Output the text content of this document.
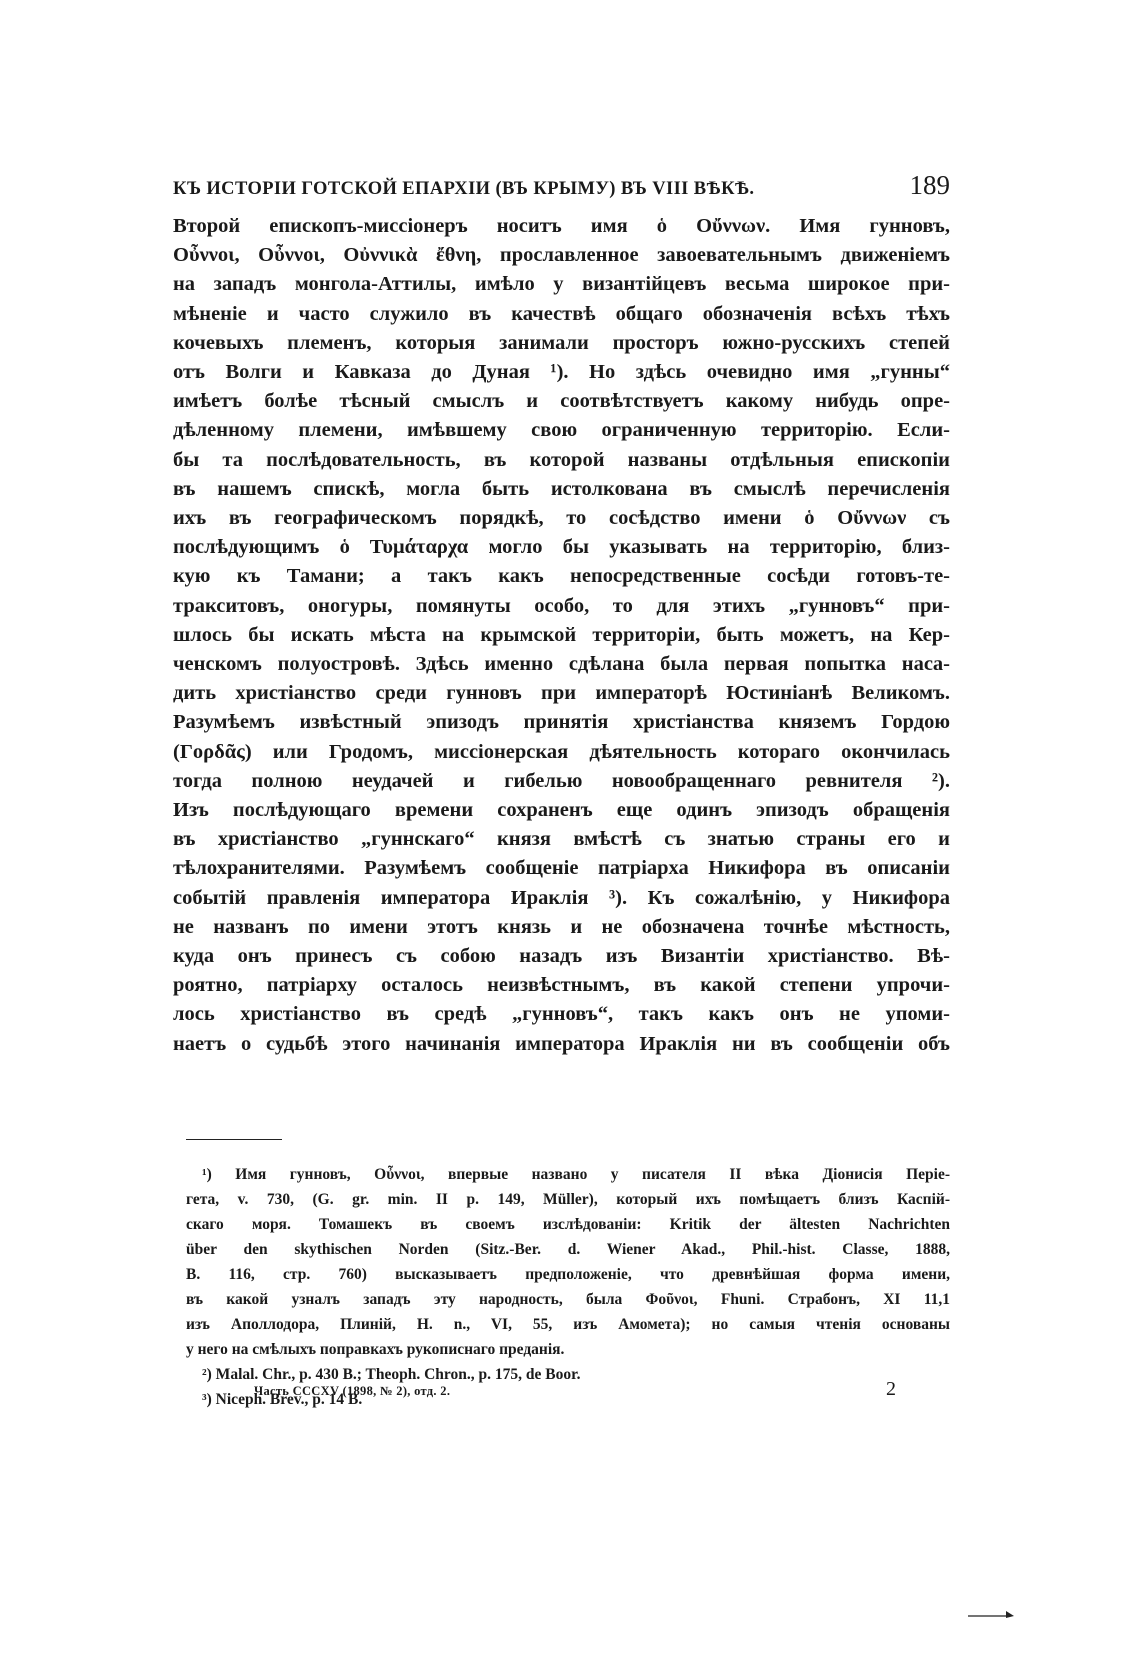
КЪ ИСТОРIИ ГОТСКОЙ ЕПАРХIИ (ВЪ КРЫМУ) ВЪ VIII ВѢКѢ.	189
Второй епископъ-миссiонеръ носитъ имя ὁ Οὔννων. Имя гунновъ,
Οὖννοι, Οὖννοι, Οὐννικὰ ἔθνη, прославленное завоевательнымъ движенiемъ
на западъ монгола-Аттилы, имѣло у византiйцевъ весьма широкое при-
мѣненiе и часто служило въ качествѣ общаго обозначенiя всѣхъ тѣхъ
кочевыхъ племенъ, которыя занимали просторъ южно-русскихъ степей
отъ Волги и Кавказа до Дуная ¹). Но здѣсь очевидно имя „гунны“
имѣетъ болѣе тѣсный смыслъ и соотвѣтствуетъ какому нибудь опре-
дѣленному племени, имѣвшему свою ограниченную территорiю. Если-
бы та послѣдовательность, въ которой названы отдѣльныя епископiи
въ нашемъ спискѣ, могла быть истолкована въ смыслѣ перечисленiя
ихъ въ географическомъ порядкѣ, то сосѣдство имени ὁ Οὔννων съ
послѣдующимъ ὁ Τυμάταρχα могло бы указывать на территорiю, близ-
кую къ Тамани; а такъ какъ непосредственные сосѣди готовъ-те-
тракситовъ, оногуры, помянуты особо, то для этихъ „гунновъ“ при-
шлось бы искать мѣста на крымской территорiи, быть можетъ, на Кер-
ченскомъ полуостровѣ. Здѣсь именно сдѣлана была первая попытка насa-
дить христiанство среди гунновъ при императорѣ Юстинiанѣ Великомъ.
Разумѣемъ извѣстный эпизодъ принятiя христiанства княземъ Гордою
(Γορδᾶς) или Гродомъ, миссiонерская дѣятельность котораго окончилась
тогда полною неудачей и гибелью новообращеннаго ревнителя ²).
Изъ послѣдующаго времени сохраненъ еще одинъ эпизодъ обращенiя
въ христiанство „гуннскаго“ князя вмѣстѣ съ знатью страны его и
тѣлохранителями. Разумѣемъ сообщенiе патрiарха Никифора въ описанiи
событiй правленiя императора Ираклiя ³). Къ сожалѣнiю, у Никифора
не названъ по имени этотъ князь и не обозначена точнѣе мѣстность,
куда онъ принесъ съ собою назадъ изъ Византiи христiанство. Вѣ-
роятно, патрiарху осталось неизвѣстнымъ, въ какой степени упрочи-
лось христiанство въ средѣ „гунновъ“, такъ какъ онъ не упоми-
наетъ о судьбѣ этого начинанiя императора Ираклiя ни въ сообщенiи объ
¹) Имя гунновъ, Οὖννοι, впервые названо у писателя II вѣка Дiонисiя Перiе-
гета, v. 730, (G. gr. min. II p. 149, Müller), который ихъ помѣщаетъ близъ Каспiй-
скаго моря. Томашекъ въ своемъ изслѣдованiи: Kritik der ältesten Nachrichten
über den skythischen Norden (Sitz.-Ber. d. Wiener Akad., Phil.-hist. Classe, 1888,
B. 116, стр. 760) высказываетъ предположенiе, что древнѣйшая форма имени,
въ какой узналъ западъ эту народность, была Φοῦνοι, Fhuni. Страбонъ, XI 11,1
изъ Аполлодора, Плинiй, H. n., VI, 55, изъ Амомета); но самыя чтенiя основаны
у него на смѣлыхъ поправкахъ рукописнаго преданiя.
²) Malal. Chr., p. 430 B.; Theoph. Chron., p. 175, de Boor.
³) Niceph. Brev., p. 14 B.
Часть CCCXV (1898, № 2), отд. 2.	2
